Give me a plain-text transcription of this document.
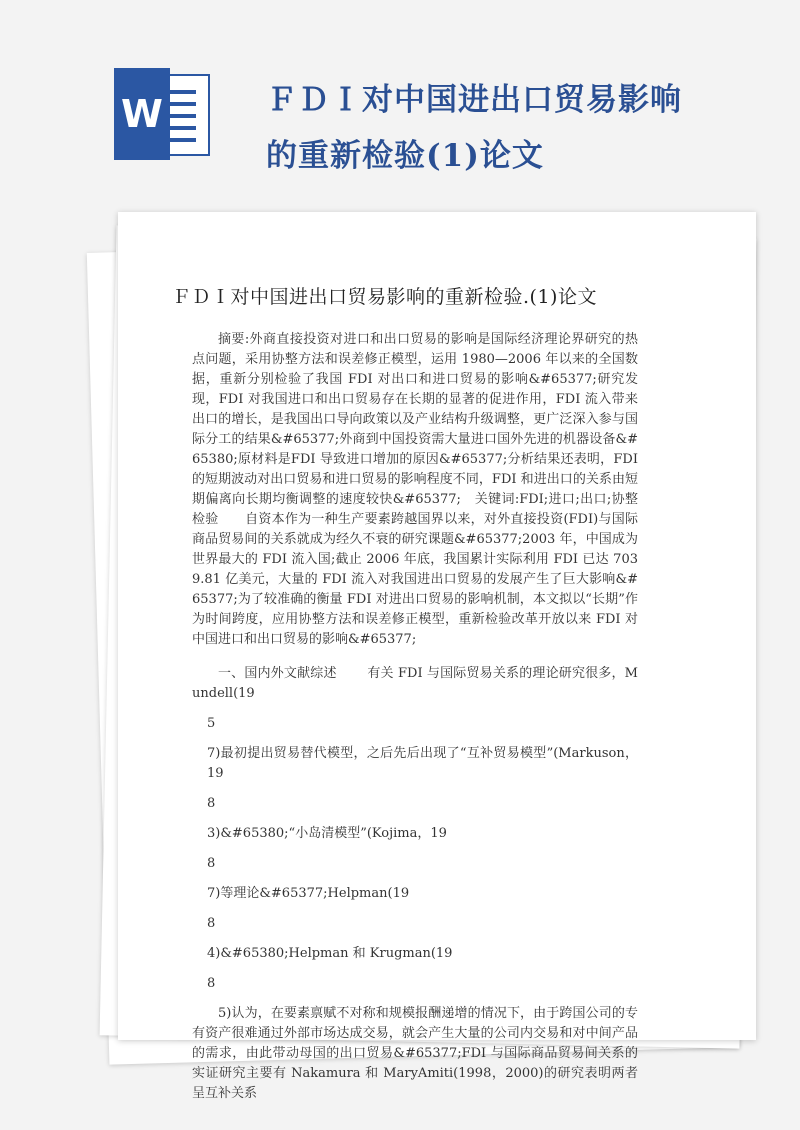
W	ＦＤＩ对中国进出口贸易影响
的重新检验(1)论文
ＦＤＩ对中国进出口贸易影响的重新检验.(1)论文

摘要:外商直接投资对进口和出口贸易的影响是国际经济理论界研究的热点问题，采用协整方法和误差修正模型，运用 1980—2006 年以来的全国数据，重新分别检验了我国 FDI 对出口和进口贸易的影响&#65377;研究发现，FDI 对我国进口和出口贸易存在长期的显著的促进作用，FDI 流入带来出口的增长，是我国出口导向政策以及产业结构升级调整，更广泛深入参与国际分工的结果&#65377;外商到中国投资需大量进口国外先进的机器设备&#65380;原材料是FDI 导致进口增加的原因&#65377;分析结果还表明，FDI 的短期波动对出口贸易和进口贸易的影响程度不同，FDI 和进出口的关系由短期偏离向长期均衡调整的速度较快&#65377;　关键词:FDI;进口;出口;协整检验　　自资本作为一种生产要素跨越国界以来，对外直接投资(FDI)与国际商品贸易间的关系就成为经久不衰的研究课题&#65377;2003 年，中国成为世界最大的 FDI 流入国;截止 2006 年底，我国累计实际利用 FDI 已达 7039.81 亿美元，大量的 FDI 流入对我国进出口贸易的发展产生了巨大影响&#65377;为了较准确的衡量 FDI 对进出口贸易的影响机制，本文拟以“长期”作为时间跨度，应用协整方法和误差修正模型，重新检验改革开放以来 FDI 对中国进口和出口贸易的影响&#65377;

一、国内外文献综述　　 有关 FDI 与国际贸易关系的理论研究很多，Mundell(19

5

7)最初提出贸易替代模型，之后先后出现了“互补贸易模型”(Markuson，19

8

3)&#65380;“小岛清模型”(Kojima，19

8

7)等理论&#65377;Helpman(19

8

4)&#65380;Helpman 和 Krugman(19

8

5)认为，在要素禀赋不对称和规模报酬递增的情况下，由于跨国公司的专有资产很难通过外部市场达成交易，就会产生大量的公司内交易和对中间产品的需求，由此带动母国的出口贸易&#65377;FDI 与国际商品贸易间关系的实证研究主要有 Nakamura 和 MaryAmiti(1998，2000)的研究表明两者呈互补关系
